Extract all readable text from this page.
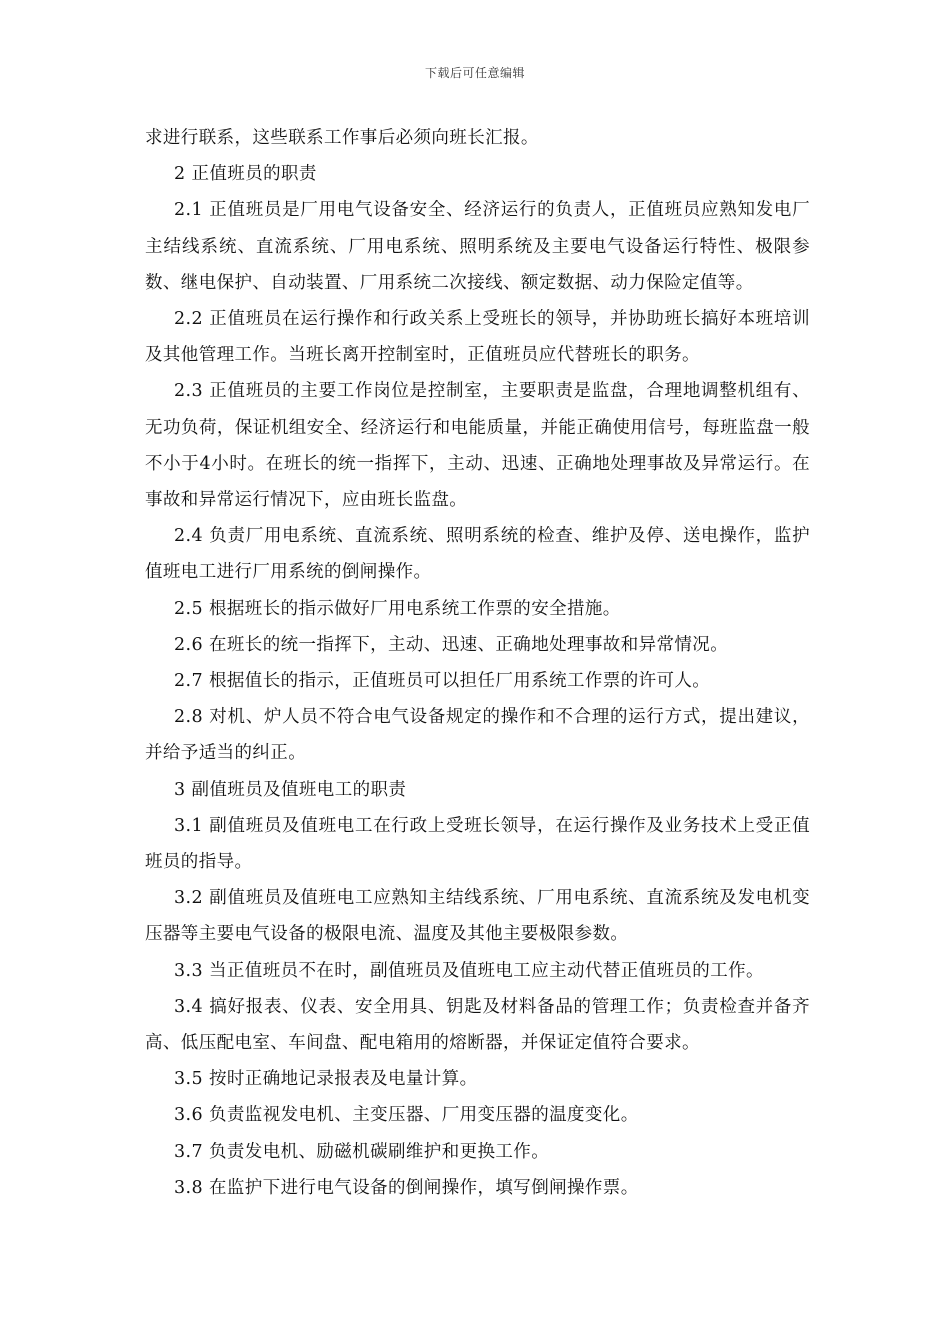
下载后可任意编辑

求进行联系，这些联系工作事后必须向班长汇报。

2 正值班员的职责

2.1 正值班员是厂用电气设备安全、经济运行的负责人，正值班员应熟知发电厂主结线系统、直流系统、厂用电系统、照明系统及主要电气设备运行特性、极限参数、继电保护、自动装置、厂用系统二次接线、额定数据、动力保险定值等。

2.2 正值班员在运行操作和行政关系上受班长的领导，并协助班长搞好本班培训及其他管理工作。当班长离开控制室时，正值班员应代替班长的职务。

2.3 正值班员的主要工作岗位是控制室，主要职责是监盘，合理地调整机组有、无功负荷，保证机组安全、经济运行和电能质量，并能正确使用信号，每班监盘一般不小于4小时。在班长的统一指挥下，主动、迅速、正确地处理事故及异常运行。在事故和异常运行情况下，应由班长监盘。

2.4 负责厂用电系统、直流系统、照明系统的检查、维护及停、送电操作，监护值班电工进行厂用系统的倒闸操作。

2.5 根据班长的指示做好厂用电系统工作票的安全措施。

2.6 在班长的统一指挥下，主动、迅速、正确地处理事故和异常情况。

2.7 根据值长的指示，正值班员可以担任厂用系统工作票的许可人。

2.8 对机、炉人员不符合电气设备规定的操作和不合理的运行方式，提出建议，并给予适当的纠正。

3 副值班员及值班电工的职责

3.1 副值班员及值班电工在行政上受班长领导，在运行操作及业务技术上受正值班员的指导。

3.2 副值班员及值班电工应熟知主结线系统、厂用电系统、直流系统及发电机变压器等主要电气设备的极限电流、温度及其他主要极限参数。

3.3 当正值班员不在时，副值班员及值班电工应主动代替正值班员的工作。

3.4 搞好报表、仪表、安全用具、钥匙及材料备品的管理工作；负责检查并备齐高、低压配电室、车间盘、配电箱用的熔断器，并保证定值符合要求。

3.5 按时正确地记录报表及电量计算。

3.6 负责监视发电机、主变压器、厂用变压器的温度变化。

3.7 负责发电机、励磁机碳刷维护和更换工作。

3.8 在监护下进行电气设备的倒闸操作，填写倒闸操作票。
